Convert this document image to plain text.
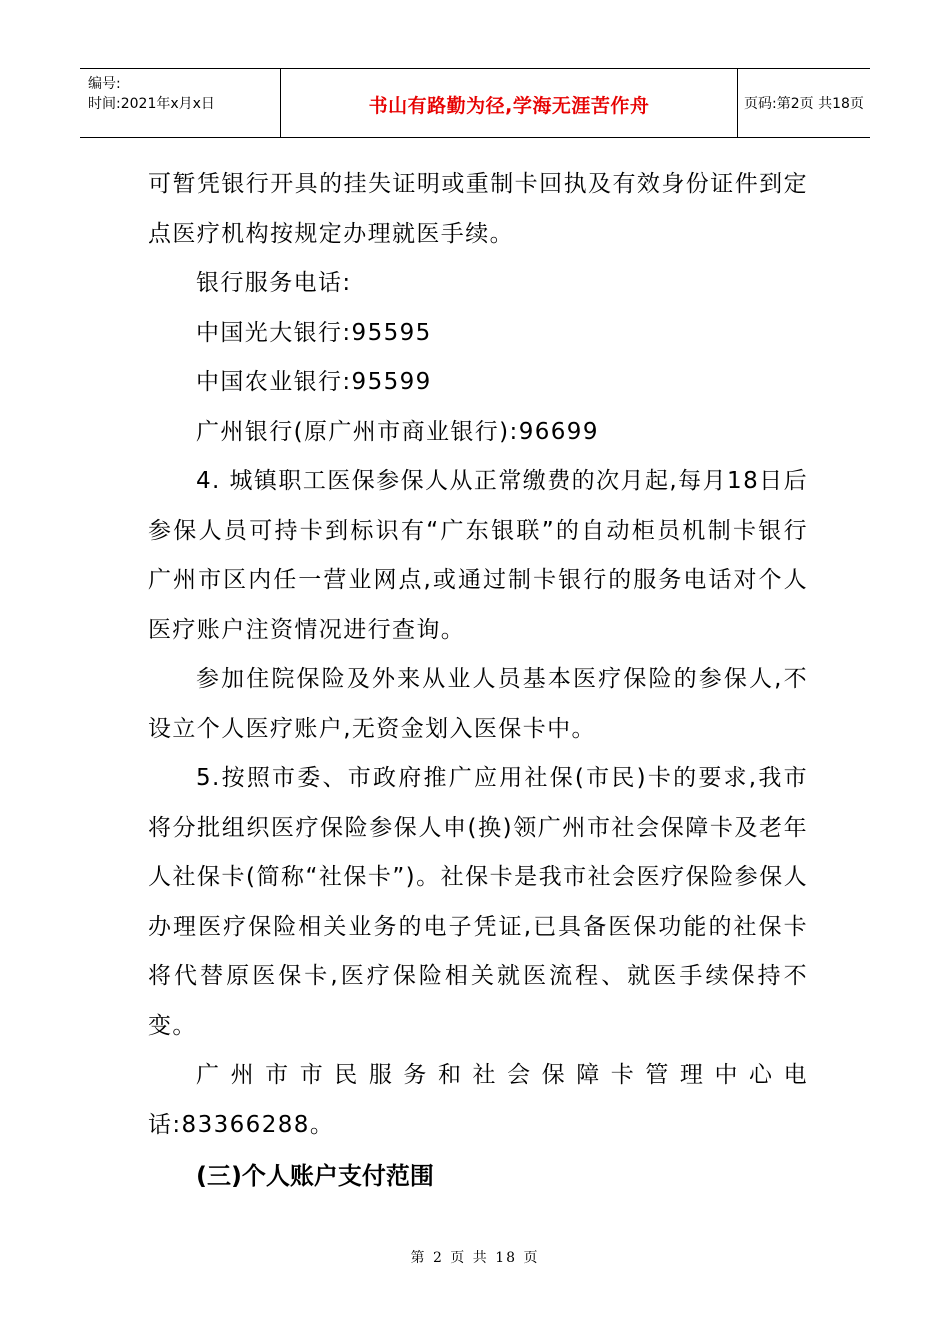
编号:
时间:2021年x月x日	书山有路勤为径,学海无涯苦作舟	页码:第2页 共18页

可暂凭银行开具的挂失证明或重制卡回执及有效身份证件到定点医疗机构按规定办理就医手续。

银行服务电话:

中国光大银行:95595

中国农业银行:95599

广州银行(原广州市商业银行):96699

4. 城镇职工医保参保人从正常缴费的次月起,每月18日后参保人员可持卡到标识有“广东银联”的自动柜员机制卡银行广州市区内任一营业网点,或通过制卡银行的服务电话对个人医疗账户注资情况进行查询。

参加住院保险及外来从业人员基本医疗保险的参保人,不设立个人医疗账户,无资金划入医保卡中。

5.按照市委、市政府推广应用社保(市民)卡的要求,我市将分批组织医疗保险参保人申(换)领广州市社会保障卡及老年人社保卡(简称“社保卡”)。社保卡是我市社会医疗保险参保人办理医疗保险相关业务的电子凭证,已具备医保功能的社保卡将代替原医保卡,医疗保险相关就医流程、就医手续保持不变。

广州市市民服务和社会保障卡管理中心电话:83366288。

(三)个人账户支付范围
第 2 页 共 18 页
